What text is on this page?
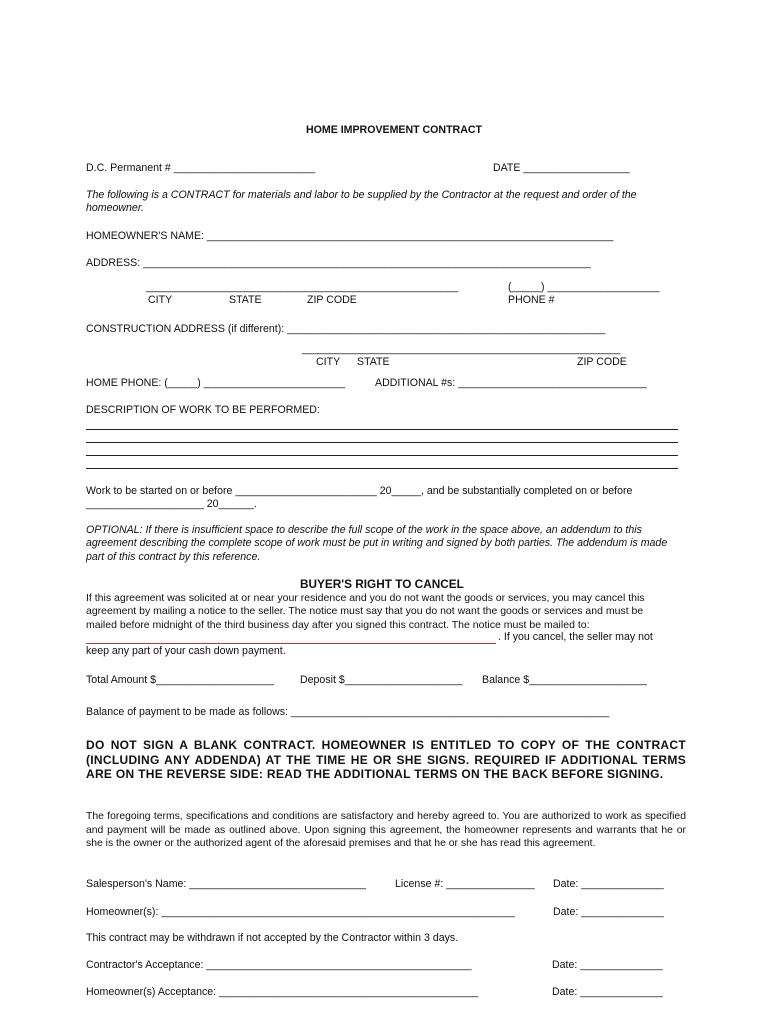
HOME IMPROVEMENT CONTRACT
D.C. Permanent # ________________________	DATE __________________
The following is a CONTRACT for materials and labor to be supplied by the Contractor at the request and order of the homeowner.
HOMEOWNER'S NAME: _____________________________________________________________________
ADDRESS: ____________________________________________________________________________
_____________________________________________________	(_____) ___________________
CITY	STATE	ZIP CODE	PHONE #
CONSTRUCTION ADDRESS (if different): ______________________________________________________
______________________________________________________
CITY STATE	ZIP CODE
HOME PHONE: (_____) ________________________	ADDITIONAL #s: ________________________________
DESCRIPTION OF WORK TO BE PERFORMED:
Work to be started on or before ________________________ 20_____, and be substantially completed on or before
____________________ 20______.
OPTIONAL: If there is insufficient space to describe the full scope of the work in the space above, an addendum to this agreement describing the complete scope of work must be put in writing and signed by both parties. The addendum is made part of this contract by this reference.
BUYER'S RIGHT TO CANCEL
If this agreement was solicited at or near your residence and you do not want the goods or services, you may cancel this agreement by mailing a notice to the seller. The notice must say that you do not want the goods or services and must be mailed before midnight of the third business day after you signed this contract. The notice must be mailed to:
. If you cancel, the seller may not
keep any part of your cash down payment.
Total Amount $____________________ Deposit $____________________ Balance $____________________
Balance of payment to be made as follows: ______________________________________________________
DO NOT SIGN A BLANK CONTRACT. HOMEOWNER IS ENTITLED TO COPY OF THE CONTRACT (INCLUDING ANY ADDENDA) AT THE TIME HE OR SHE SIGNS. REQUIRED IF ADDITIONAL TERMS ARE ON THE REVERSE SIDE: READ THE ADDITIONAL TERMS ON THE BACK BEFORE SIGNING.
The foregoing terms, specifications and conditions are satisfactory and hereby agreed to. You are authorized to work as specified and payment will be made as outlined above. Upon signing this agreement, the homeowner represents and warrants that he or she is the owner or the authorized agent of the aforesaid premises and that he or she has read this agreement.
Salesperson's Name: ______________________________	License #: _______________ Date: ______________
Homeowner(s): ____________________________________________________________	Date: ______________
This contract may be withdrawn if not accepted by the Contractor within 3 days.
Contractor's Acceptance: _____________________________________________	Date: ______________
Homeowner(s) Acceptance: ____________________________________________	Date: ______________
